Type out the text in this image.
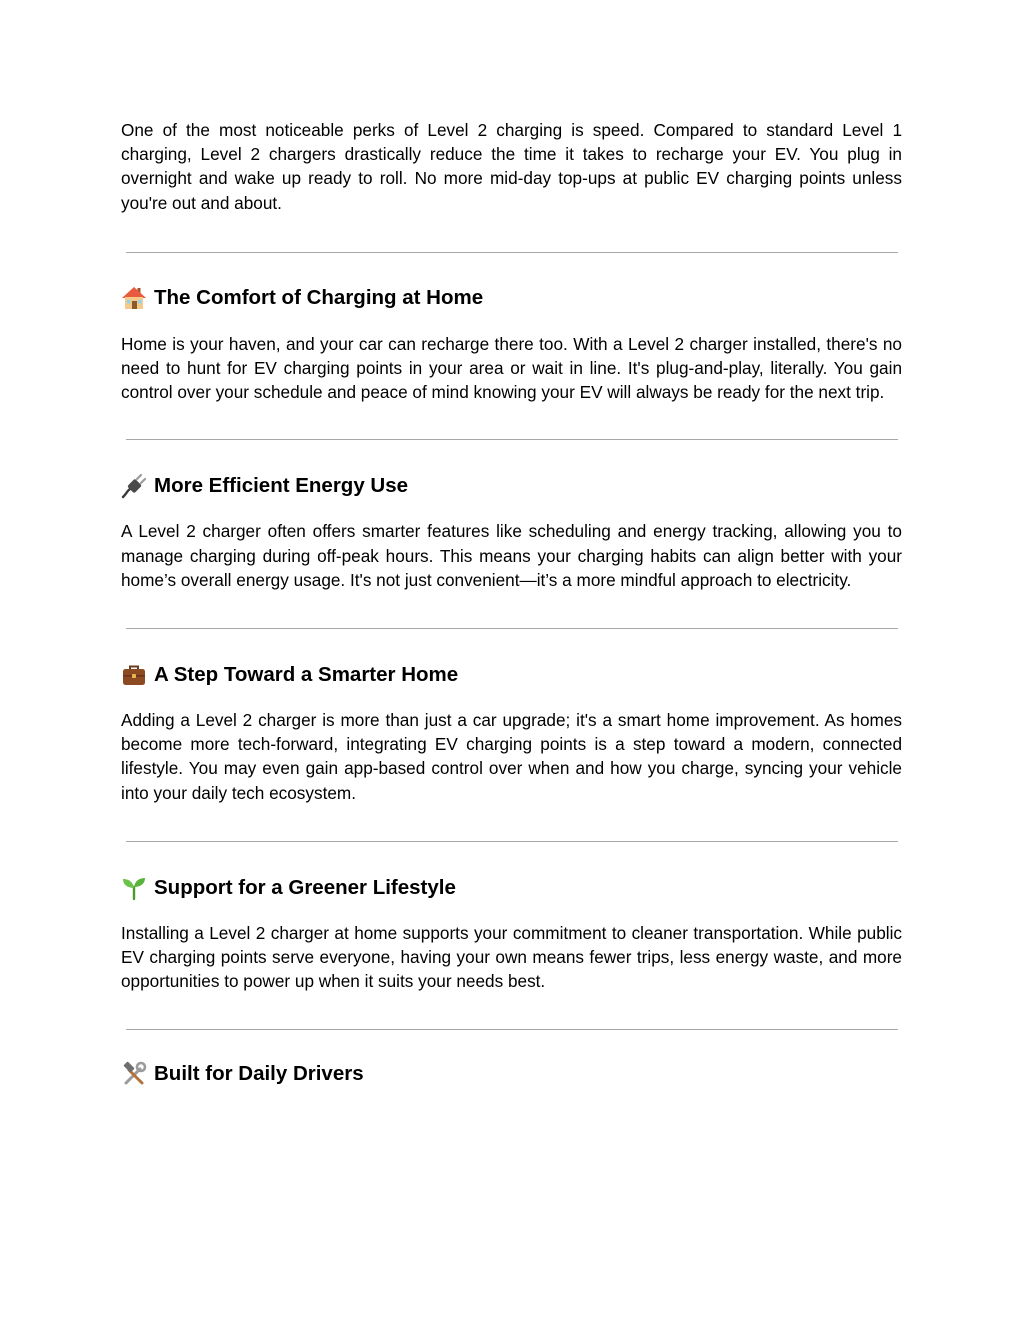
One of the most noticeable perks of Level 2 charging is speed. Compared to standard Level 1 charging, Level 2 chargers drastically reduce the time it takes to recharge your EV. You plug in overnight and wake up ready to roll. No more mid-day top-ups at public EV charging points unless you're out and about.

The Comfort of Charging at Home

Home is your haven, and your car can recharge there too. With a Level 2 charger installed, there's no need to hunt for EV charging points in your area or wait in line. It's plug-and-play, literally. You gain control over your schedule and peace of mind knowing your EV will always be ready for the next trip.

More Efficient Energy Use

A Level 2 charger often offers smarter features like scheduling and energy tracking, allowing you to manage charging during off-peak hours. This means your charging habits can align better with your home’s overall energy usage. It's not just convenient—it’s a more mindful approach to electricity.

A Step Toward a Smarter Home

Adding a Level 2 charger is more than just a car upgrade; it's a smart home improvement. As homes become more tech-forward, integrating EV charging points is a step toward a modern, connected lifestyle. You may even gain app-based control over when and how you charge, syncing your vehicle into your daily tech ecosystem.

Support for a Greener Lifestyle

Installing a Level 2 charger at home supports your commitment to cleaner transportation. While public EV charging points serve everyone, having your own means fewer trips, less energy waste, and more opportunities to power up when it suits your needs best.

Built for Daily Drivers
